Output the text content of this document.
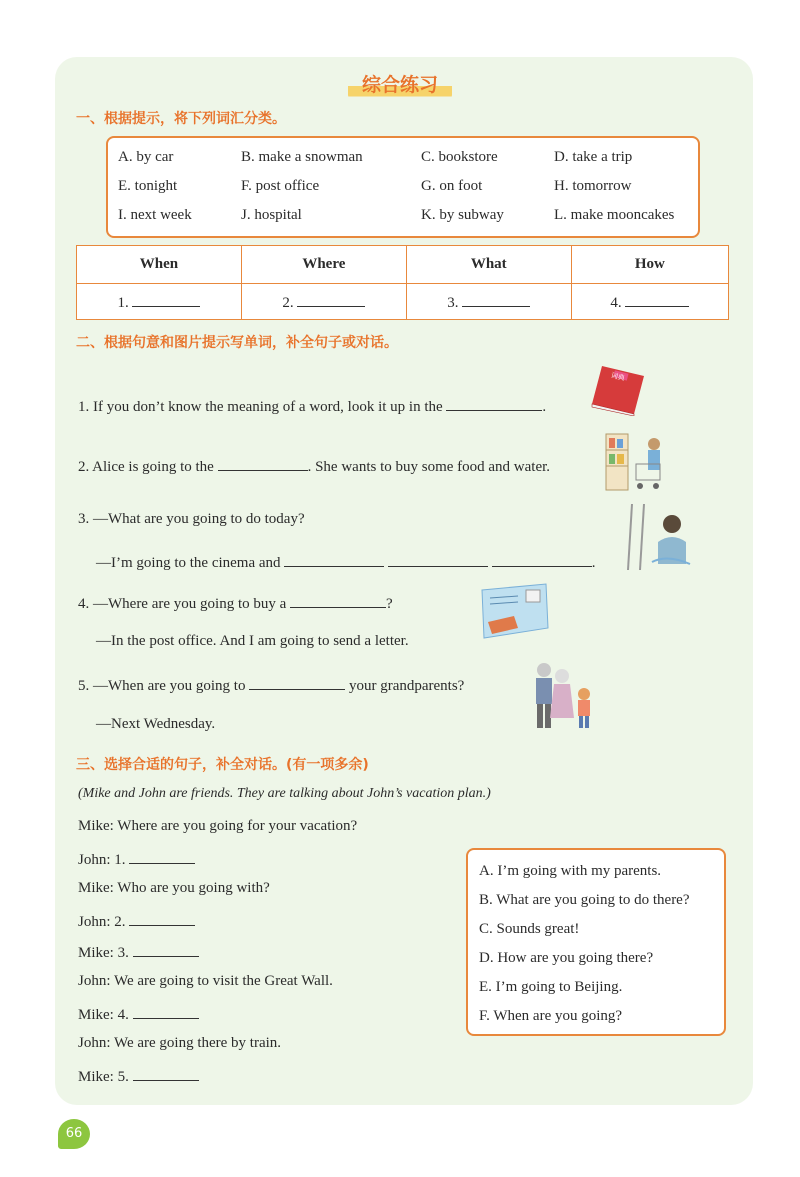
综合练习
一、根据提示，将下列词汇分类。
A. by car	B. make a snowman	C. bookstore	D. take a trip
E. tonight	F. post office	G. on foot	H. tomorrow
I. next week	J. hospital	K. by subway	L. make mooncakes
When	Where	What	How
1.	2.	3.	4.
二、根据句意和图片提示写单词，补全句子或对话。
1. If you don’t know the meaning of a word, look it up in the	.
词典
2. Alice is going to the	. She wants to buy some food and water.
3. —What are you going to do today?
—I’m going to the cinema and	.
4. —Where are you going to buy a	?
—In the post office. And I am going to send a letter.
5. —When are you going to	your grandparents?
—Next Wednesday.
三、选择合适的句子，补全对话。(有一项多余)
(Mike and John are friends. They are talking about John’s vacation plan.)
Mike: Where are you going for your vacation?
John: 1.
Mike: Who are you going with?
John: 2.
Mike: 3.
John: We are going to visit the Great Wall.
Mike: 4.
John: We are going there by train.
Mike: 5.
A. I’m going with my parents.
B. What are you going to do there?
C. Sounds great!
D. How are you going there?
E. I’m going to Beijing.
F. When are you going?
66
